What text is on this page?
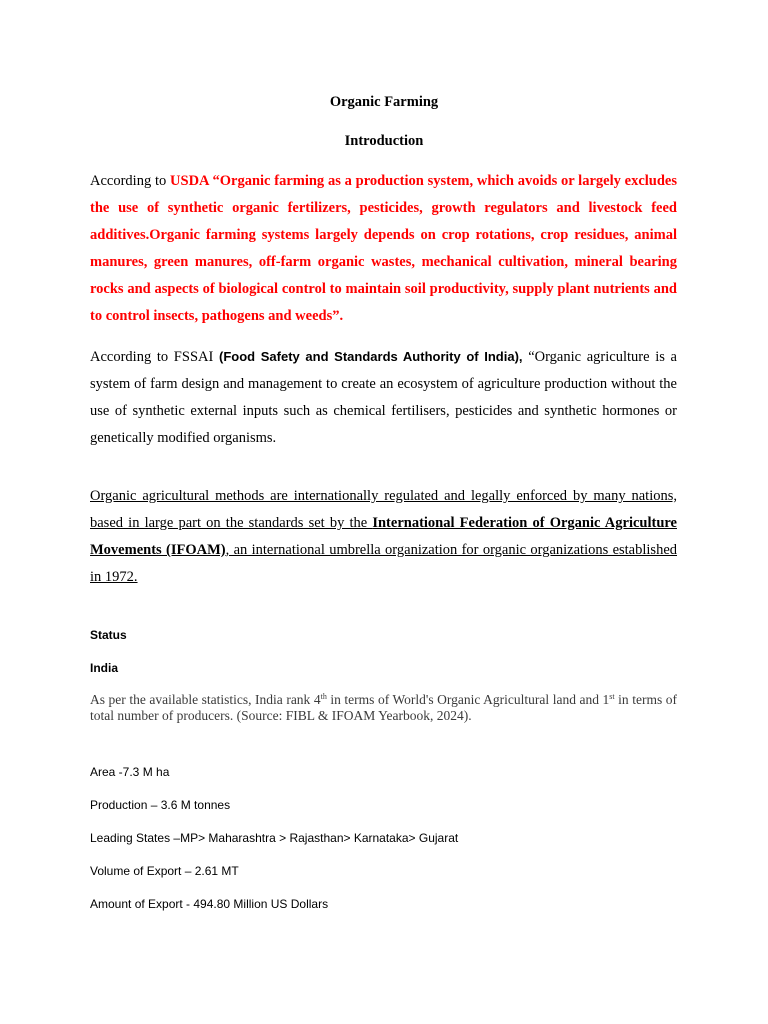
Organic Farming
Introduction

According to USDA “Organic farming as a production system, which avoids or largely excludes the use of synthetic organic fertilizers, pesticides, growth regulators and livestock feed additives.Organic farming systems largely depends on crop rotations, crop residues, animal manures, green manures, off-farm organic wastes, mechanical cultivation, mineral bearing rocks and aspects of biological control to maintain soil productivity, supply plant nutrients and to control insects, pathogens and weeds”.

According to FSSAI (Food Safety and Standards Authority of India), “Organic agriculture is a system of farm design and management to create an ecosystem of agriculture production without the use of synthetic external inputs such as chemical fertilisers, pesticides and synthetic hormones or genetically modified organisms.

Organic agricultural methods are internationally regulated and legally enforced by many nations, based in large part on the standards set by the International Federation of Organic Agriculture Movements (IFOAM), an international umbrella organization for organic organizations established in 1972.

Status
India

As per the available statistics, India rank 4th in terms of World's Organic Agricultural land and 1st in terms of total number of producers. (Source: FIBL & IFOAM Yearbook, 2024).

Area -7.3 M ha
Production – 3.6 M tonnes
Leading States –MP> Maharashtra > Rajasthan> Karnataka> Gujarat
Volume of Export – 2.61 MT
Amount of Export - 494.80 Million US Dollars
